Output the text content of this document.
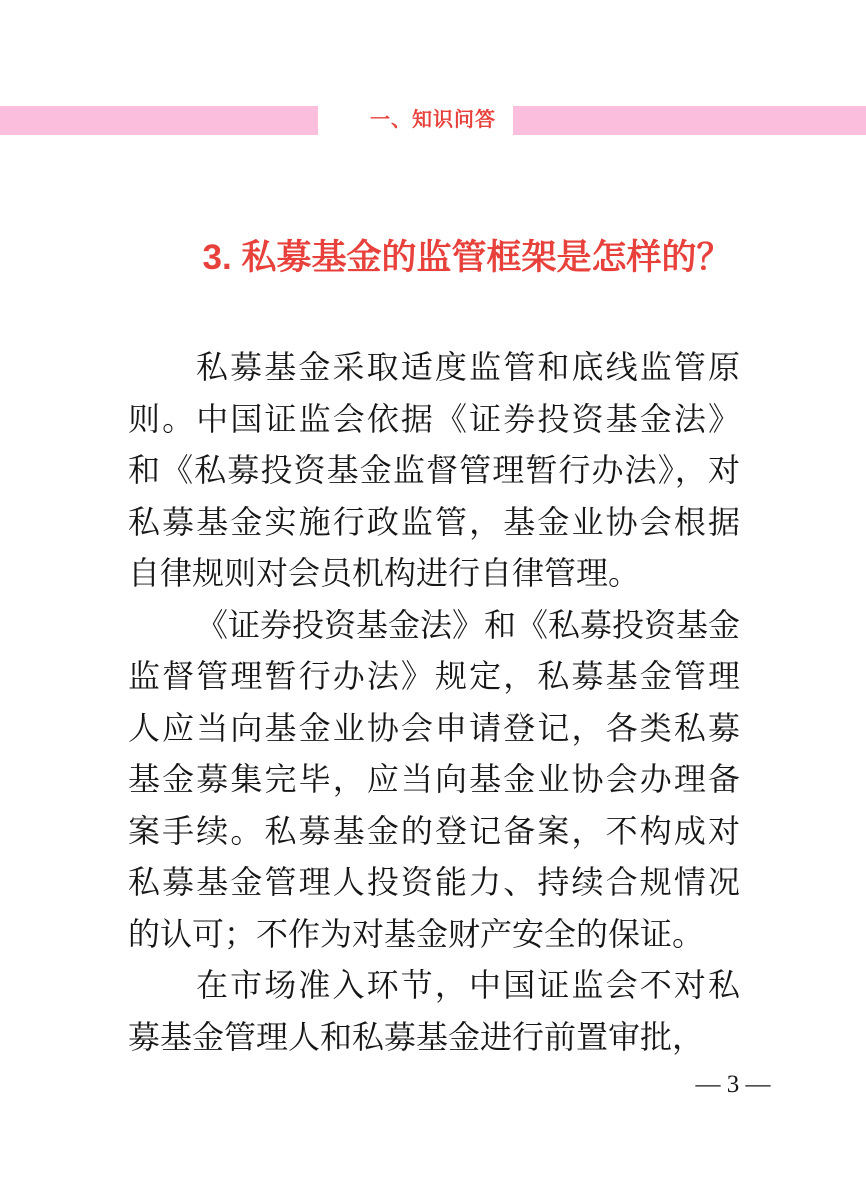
一、知识问答
3. 私募基金的监管框架是怎样的？
私募基金采取适度监管和底线监管原
则。中国证监会依据《证券投资基金法》
和《私募投资基金监督管理暂行办法》，对
私募基金实施行政监管，基金业协会根据
自律规则对会员机构进行自律管理。
《证券投资基金法》和《私募投资基金
监督管理暂行办法》规定，私募基金管理
人应当向基金业协会申请登记，各类私募
基金募集完毕，应当向基金业协会办理备
案手续。私募基金的登记备案，不构成对
私募基金管理人投资能力、持续合规情况
的认可；不作为对基金财产安全的保证。
在市场准入环节，中国证监会不对私
募基金管理人和私募基金进行前置审批，
— 3 —
